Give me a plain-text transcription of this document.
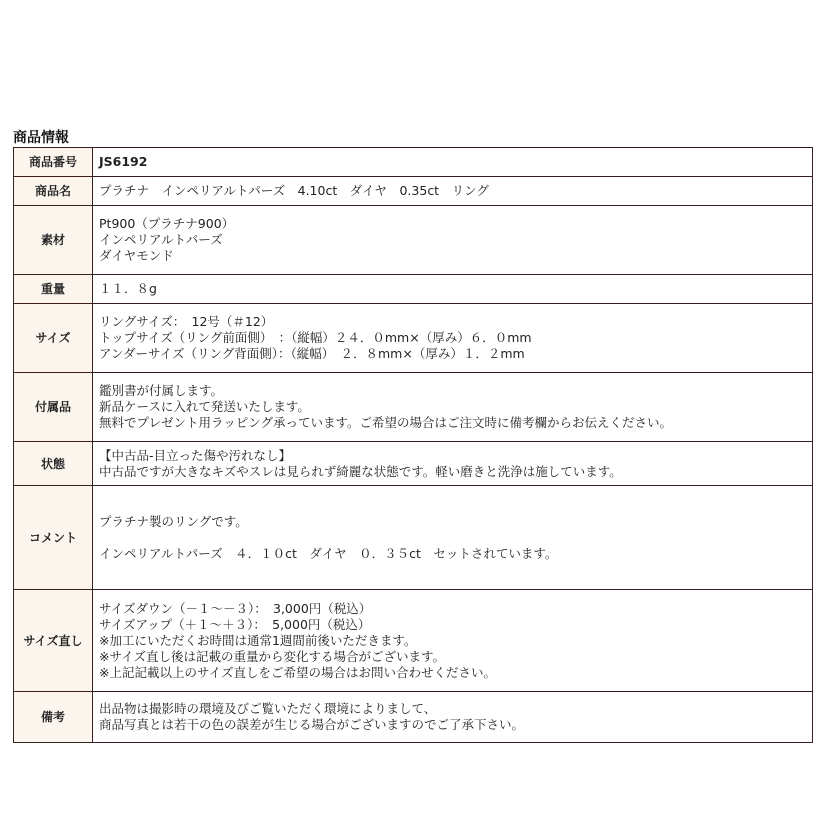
商品情報
商品番号	JS6192

商品名	プラチナ　インペリアルトパーズ　4.10ct　ダイヤ　0.35ct　リング

素材	Pt900（プラチナ900）
インペリアルトパーズ
ダイヤモンド

重量	１１．８g

サイズ	リングサイズ：　12号（＃12）
トップサイズ（リング前面側）　：（縦幅）２４．０mm×（厚み）６．０mm
アンダーサイズ（リング背面側）：（縦幅）　２．８mm×（厚み）１．２mm

付属品	鑑別書が付属します。
新品ケースに入れて発送いたします。
無料でプレゼント用ラッピング承っています。ご希望の場合はご注文時に備考欄からお伝えください。

状態	【中古品-目立った傷や汚れなし】
中古品ですが大きなキズやスレは見られず綺麗な状態です。軽い磨きと洗浄は施しています。

コメント	プラチナ製のリングです。
インペリアルトパーズ　４．１０ct　ダイヤ　０．３５ct　セットされています。

サイズ直し	サイズダウン（－１～－３）：　3,000円（税込）
サイズアップ（＋１～＋３）：　5,000円（税込）
※加工にいただくお時間は通常1週間前後いただきます。
※サイズ直し後は記載の重量から変化する場合がございます。
※上記記載以上のサイズ直しをご希望の場合はお問い合わせください。

備考	出品物は撮影時の環境及びご覧いただく環境によりまして、
商品写真とは若干の色の誤差が生じる場合がございますのでご了承下さい。
